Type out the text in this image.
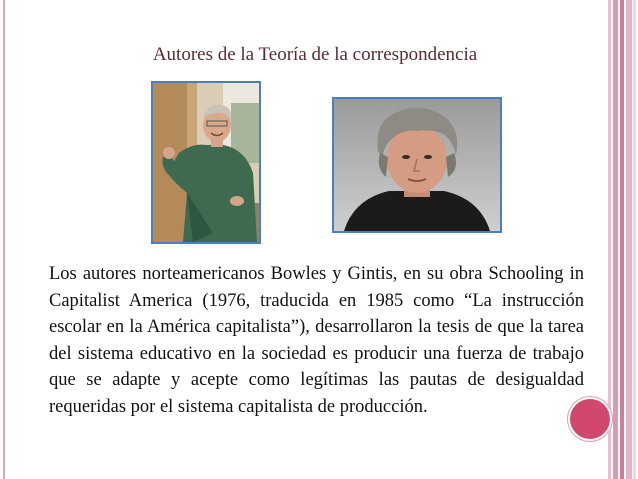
Autores de la Teoría de la correspondencia

Los autores norteamericanos Bowles y Gintis, en su obra Schooling in Capitalist America (1976, traducida en 1985 como “La instrucción escolar en la América capitalista”), desarrollaron la tesis de que la tarea del sistema educativo en la sociedad es producir una fuerza de trabajo que se adapte y acepte como legítimas las pautas de desigualdad requeridas por el sistema capitalista de producción.
